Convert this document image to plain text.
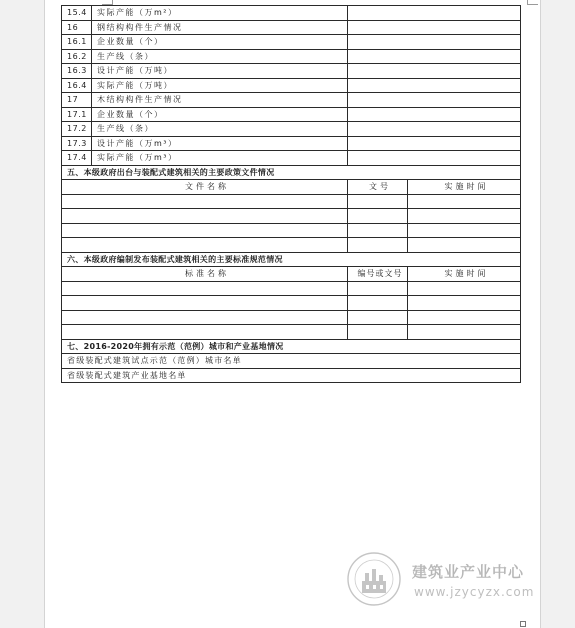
15.4	实际产能（万m²）		
16	钢结构构件生产情况		
16.1	企业数量（个）		
16.2	生产线（条）		
16.3	设计产能（万吨）		
16.4	实际产能（万吨）		
17	木结构构件生产情况		
17.1	企业数量（个）		
17.2	生产线（条）		
17.3	设计产能（万m³）		
17.4	实际产能（万m³）		
五、本级政府出台与装配式建筑相关的主要政策文件情况			
文件名称		文号	实施时间

六、本级政府编制发布装配式建筑相关的主要标准规范情况			
标准名称		编号或文号	实施时间

七、2016-2020年拥有示范（范例）城市和产业基地情况			
省级装配式建筑试点示范（范例）城市名单			
省级装配式建筑产业基地名单			
建筑业产业中心
www.jzycyzx.com
